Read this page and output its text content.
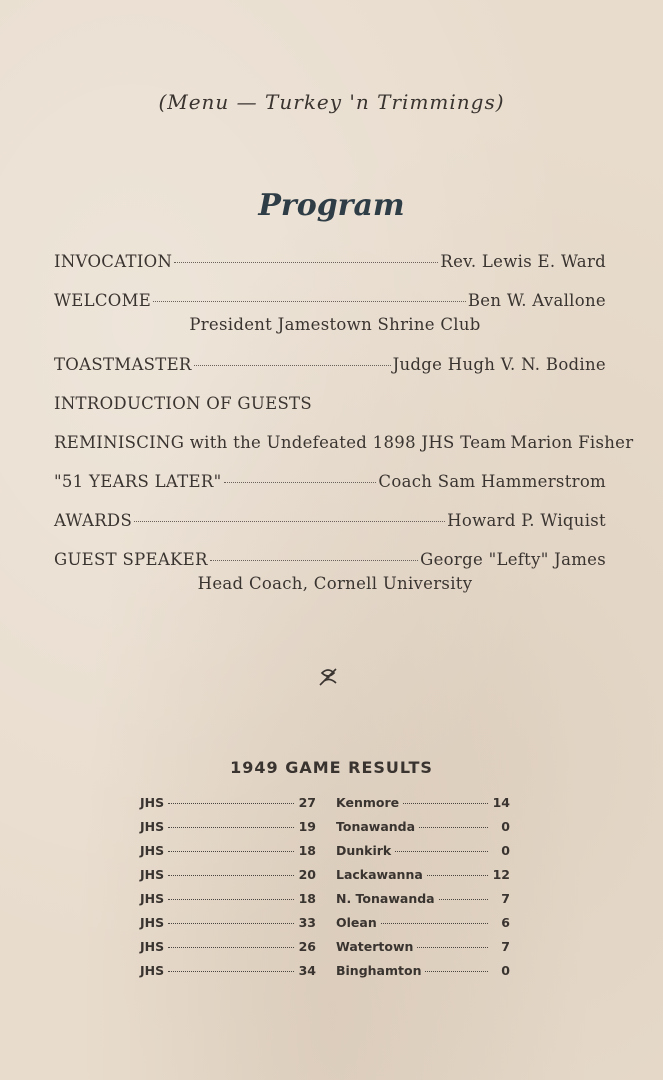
(Menu — Turkey 'n Trimmings)
Program
INVOCATION	Rev. Lewis E. Ward
WELCOME	Ben W. Avallone
President Jamestown Shrine Club
TOASTMASTER	Judge Hugh V. N. Bodine
INTRODUCTION OF GUESTS
REMINISCING with the Undefeated 1898 JHS Team Marion Fisher
"51 YEARS LATER"	Coach Sam Hammerstrom
AWARDS	Howard P. Wiquist
GUEST SPEAKER	George "Lefty" James
Head Coach, Cornell University
1949 GAME RESULTS
JHS	27 Kenmore	14
JHS	19 Tonawanda	0
JHS	18 Dunkirk	0
JHS	20 Lackawanna	12
JHS	18 N. Tonawanda	7
JHS	33 Olean	6
JHS	26 Watertown	7
JHS	34 Binghamton	0
